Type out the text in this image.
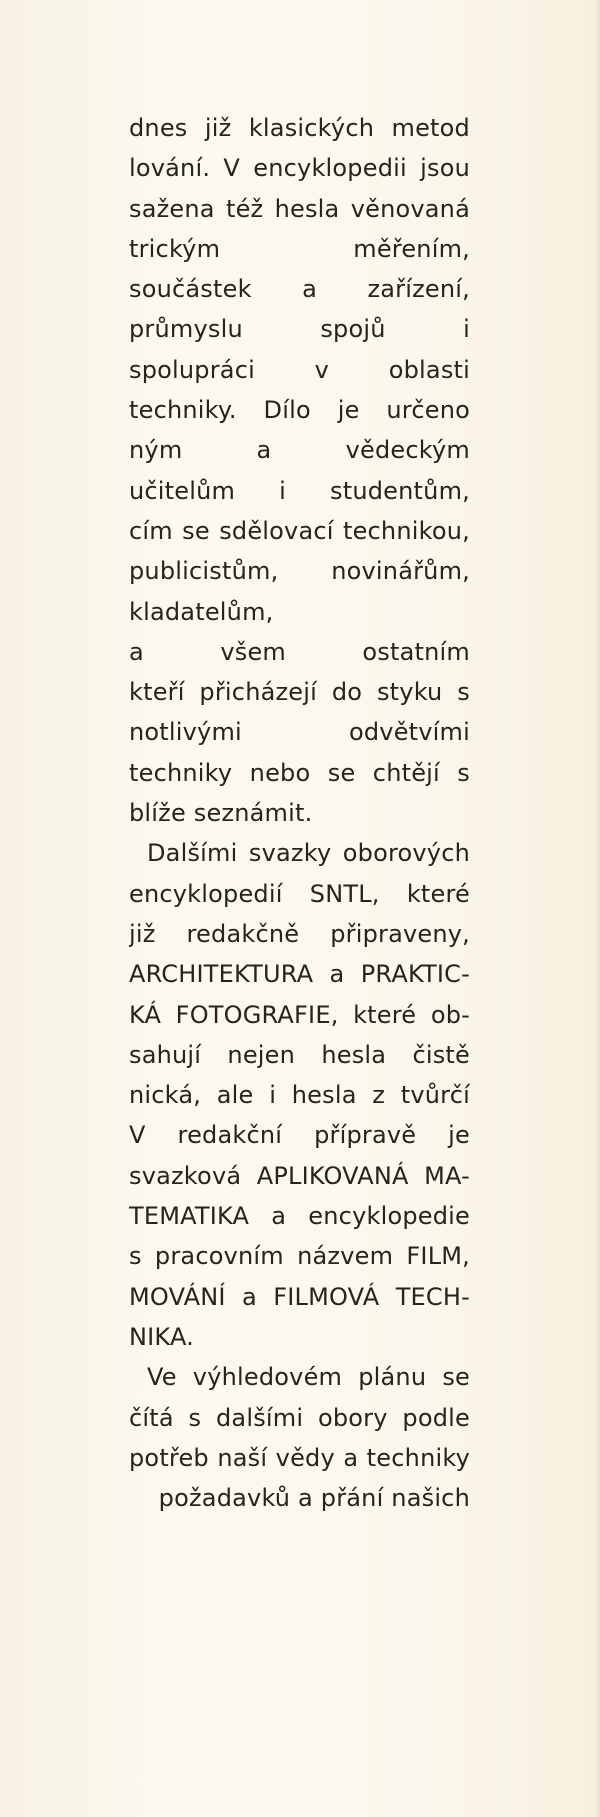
dnes již klasických metod
lování. V encyklopedii jsou
sažena též hesla věnovaná
trickým měřením,
součástek a zařízení,
průmyslu spojů i
spolupráci v oblasti
techniky. Dílo je určeno
ným a vědeckým
učitelům i studentům,
cím se sdělovací technikou,
publicistům, novinářům,
kladatelům,
a všem ostatním
kteří přicházejí do styku s
notlivými odvětvími
techniky nebo se chtějí s
blíže seznámit.
Dalšími svazky oborových
encyklopedií SNTL, které
již redakčně připraveny,
ARCHITEKTURA a PRAKTIC-
KÁ FOTOGRAFIE, které ob-
sahují nejen hesla čistě
nická, ale i hesla z tvůrčí
V redakční přípravě je
svazková APLIKOVANÁ MA-
TEMATIKA a encyklopedie
s pracovním názvem FILM,
MOVÁNÍ a FILMOVÁ TECH-
NIKA.
Ve výhledovém plánu se
čítá s dalšími obory podle
potřeb naší vědy a techniky
požadavků a přání našich
